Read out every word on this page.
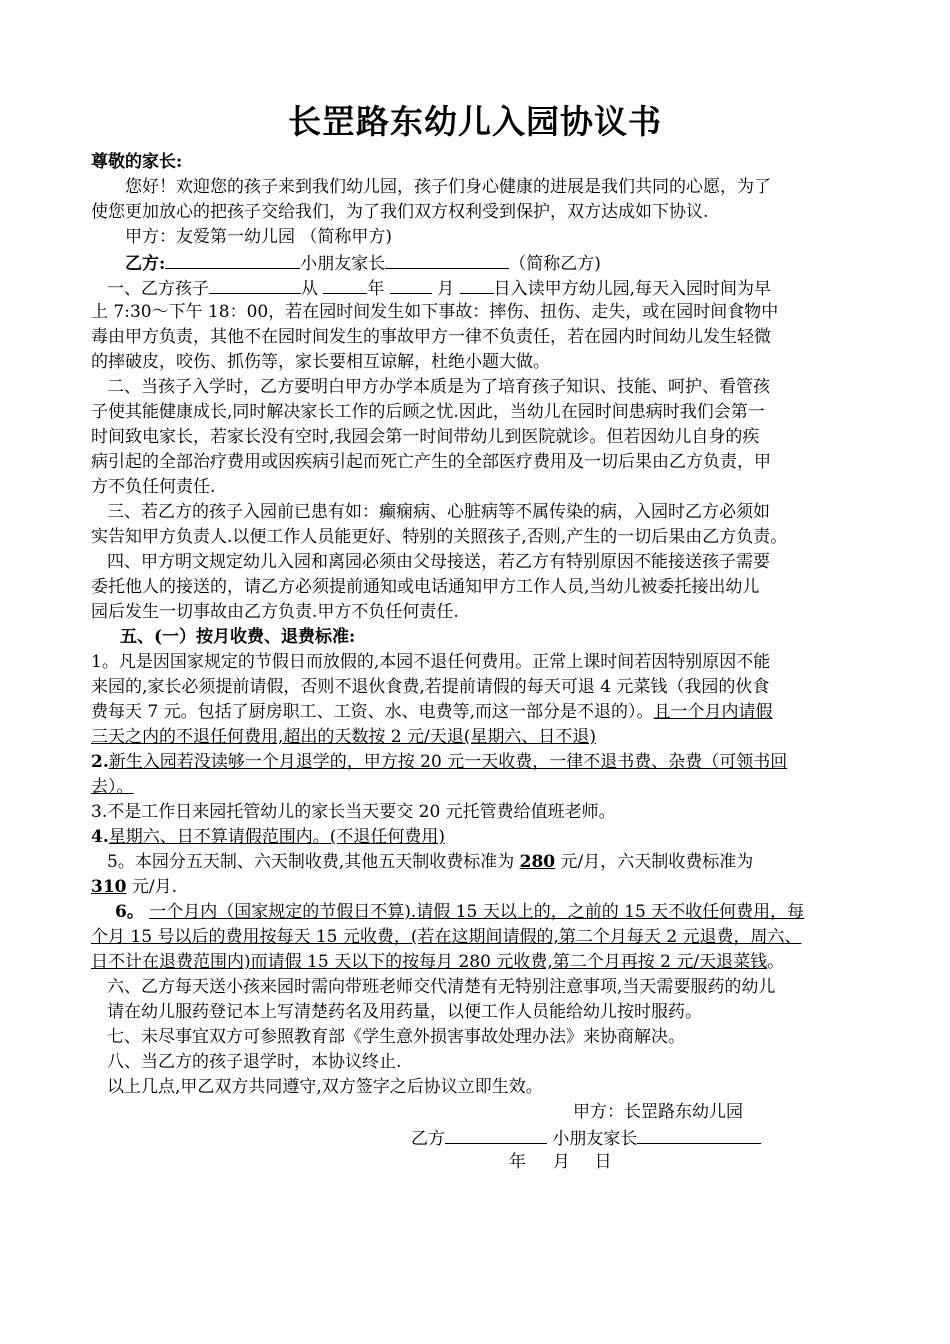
长罡路东幼儿入园协议书
尊敬的家长:
您好！欢迎您的孩子来到我们幼儿园，孩子们身心健康的进展是我们共同的心愿，为了
使您更加放心的把孩子交给我们，为了我们双方权利受到保护，双方达成如下协议.
甲方：友爱第一幼儿园 （简称甲方)
乙方:	小朋友家长	（简称乙方)
一、乙方孩子	从	年	月 日入读甲方幼儿园,每天入园时间为早
上 7:30～下午 18：00，若在园时间发生如下事故：摔伤、扭伤、走失，或在园时间食物中
毒由甲方负责，其他不在园时间发生的事故甲方一律不负责任，若在园内时间幼儿发生轻微
的摔破皮，咬伤、抓伤等，家长要相互谅解，杜绝小题大做。
二、当孩子入学时，乙方要明白甲方办学本质是为了培育孩子知识、技能、呵护、看管孩
子使其能健康成长,同时解决家长工作的后顾之忧.因此，当幼儿在园时间患病时我们会第一
时间致电家长，若家长没有空时,我园会第一时间带幼儿到医院就诊。但若因幼儿自身的疾
病引起的全部治疗费用或因疾病引起而死亡产生的全部医疗费用及一切后果由乙方负责，甲
方不负任何责任.
三、若乙方的孩子入园前已患有如：癫痫病、心脏病等不属传染的病，入园时乙方必须如
实告知甲方负责人.以便工作人员能更好、特别的关照孩子,否则,产生的一切后果由乙方负责。
四、甲方明文规定幼儿入园和离园必须由父母接送，若乙方有特别原因不能接送孩子需要
委托他人的接送的，请乙方必须提前通知或电话通知甲方工作人员,当幼儿被委托接出幼儿
园后发生一切事故由乙方负责.甲方不负任何责任.
五、(一）按月收费、退费标准:
1。凡是因国家规定的节假日而放假的,本园不退任何费用。正常上课时间若因特别原因不能
来园的,家长必须提前请假，否则不退伙食费,若提前请假的每天可退 4 元菜钱（我园的伙食
费每天 7 元。包括了厨房职工、工资、水、电费等,而这一部分是不退的）。且一个月内请假
三天之内的不退任何费用,超出的天数按 2 元/天退(星期六、日不退)
2.新生入园若没读够一个月退学的，甲方按 20 元一天收费，一律不退书费、杂费（可领书回
去）。
3.不是工作日来园托管幼儿的家长当天要交 20 元托管费给值班老师。
4.星期六、日不算请假范围内。(不退任何费用)
5。本园分五天制、六天制收费,其他五天制收费标准为 280 元/月，六天制收费标准为
310 元/月.
6。 一个月内（国家规定的节假日不算).请假 15 天以上的，之前的 15 天不收任何费用，每
个月 15 号以后的费用按每天 15 元收费，(若在这期间请假的,第二个月每天 2 元退费，周六、
日不计在退费范围内)而请假 15 天以下的按每月 280 元收费,第二个月再按 2 元/天退菜钱。
六、乙方每天送小孩来园时需向带班老师交代清楚有无特别注意事项,当天需要服药的幼儿
请在幼儿服药登记本上写清楚药名及用药量，以便工作人员能给幼儿按时服药。
七、未尽事宜双方可参照教育部《学生意外损害事故处理办法》来协商解决。
八、当乙方的孩子退学时，本协议终止.
以上几点,甲乙双方共同遵守,双方签字之后协议立即生效。
甲方：长罡路东幼儿园
乙方	小朋友家长
年 月 日
